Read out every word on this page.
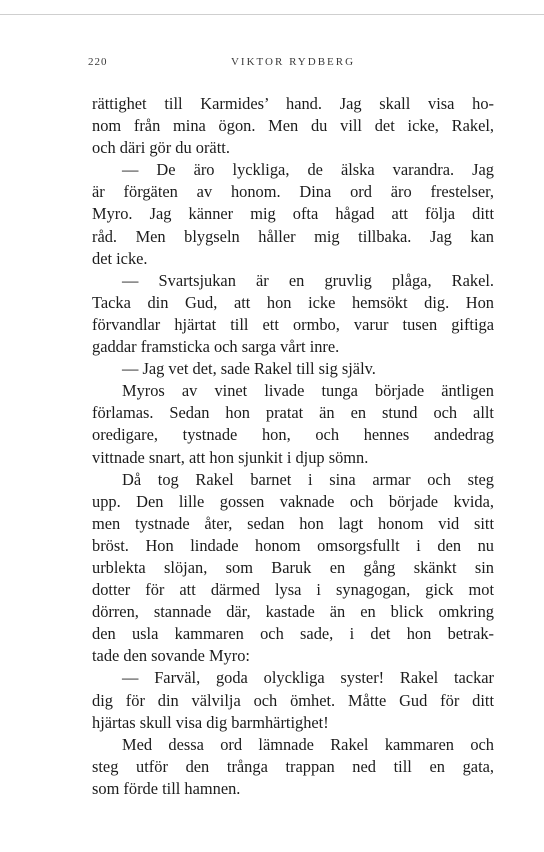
220	VIKTOR RYDBERG
rättighet till Karmides’ hand. Jag skall visa ho-
nom från mina ögon. Men du vill det icke, Rakel,
och däri gör du orätt.
— De äro lyckliga, de älska varandra. Jag
är förgäten av honom. Dina ord äro frestelser,
Myro. Jag känner mig ofta hågad att följa ditt
råd. Men blygseln håller mig tillbaka. Jag kan
det icke.
— Svartsjukan är en gruvlig plåga, Rakel.
Tacka din Gud, att hon icke hemsökt dig. Hon
förvandlar hjärtat till ett ormbo, varur tusen giftiga
gaddar framsticka och sarga vårt inre.
— Jag vet det, sade Rakel till sig själv.
Myros av vinet livade tunga började äntligen
förlamas. Sedan hon pratat än en stund och allt
oredigare, tystnade hon, och hennes andedrag
vittnade snart, att hon sjunkit i djup sömn.
Då tog Rakel barnet i sina armar och steg
upp. Den lille gossen vaknade och började kvida,
men tystnade åter, sedan hon lagt honom vid sitt
bröst. Hon lindade honom omsorgsfullt i den nu
urblekta slöjan, som Baruk en gång skänkt sin
dotter för att därmed lysa i synagogan, gick mot
dörren, stannade där, kastade än en blick omkring
den usla kammaren och sade, i det hon betrak-
tade den sovande Myro:
— Farväl, goda olyckliga syster! Rakel tackar
dig för din välvilja och ömhet. Måtte Gud för ditt
hjärtas skull visa dig barmhärtighet!
Med dessa ord lämnade Rakel kammaren och
steg utför den trånga trappan ned till en gata,
som förde till hamnen.
